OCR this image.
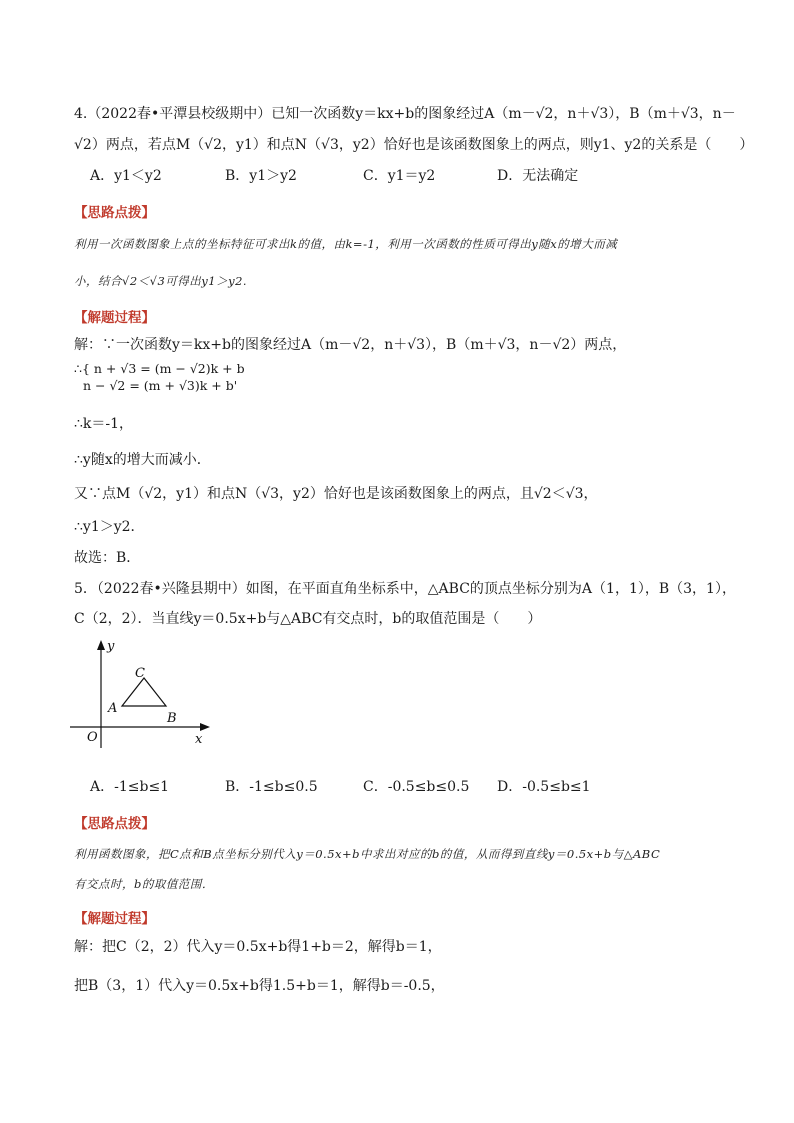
4.（2022春•平潭县校级期中）已知一次函数y＝kx+b的图象经过A（m－√2，n＋√3），B（m＋√3，n－
√2）两点，若点M（√2，y1）和点N（√3，y2）恰好也是该函数图象上的两点，则y1、y2的关系是（　　）
A．y1＜y2	B．y1＞y2	C．y1＝y2	D．无法确定
【思路点拨】
利用一次函数图象上点的坐标特征可求出k的值，由k=-1，利用一次函数的性质可得出y随x的增大而减
小，结合√2＜√3可得出y1＞y2.
【解题过程】
解：∵一次函数y＝kx+b的图象经过A（m－√2，n＋√3），B（m＋√3，n－√2）两点，
∴{ n + √3 = (m − √2)k + b
n − √2 = (m + √3)k + b'
∴k＝-1，
∴y随x的增大而减小．
又∵点M（√2，y1）和点N（√3，y2）恰好也是该函数图象上的两点，且√2＜√3，
∴y1＞y2．
故选：B．
5．（2022春•兴隆县期中）如图，在平面直角坐标系中，△ABC的顶点坐标分别为A（1，1），B（3，1），
C（2，2）．当直线y＝0.5x+b与△ABC有交点时，b的取值范围是（　　）
y
x
O
A
B
C
A．-1≤b≤1	B．-1≤b≤0.5	C．-0.5≤b≤0.5 D．-0.5≤b≤1
【思路点拨】
利用函数图象，把C点和B点坐标分别代入y＝0.5x+b中求出对应的b的值，从而得到直线y＝0.5x+b与△ABC
有交点时，b的取值范围．
【解题过程】
解：把C（2，2）代入y＝0.5x+b得1+b＝2，解得b＝1，
把B（3，1）代入y＝0.5x+b得1.5+b＝1，解得b＝-0.5，
